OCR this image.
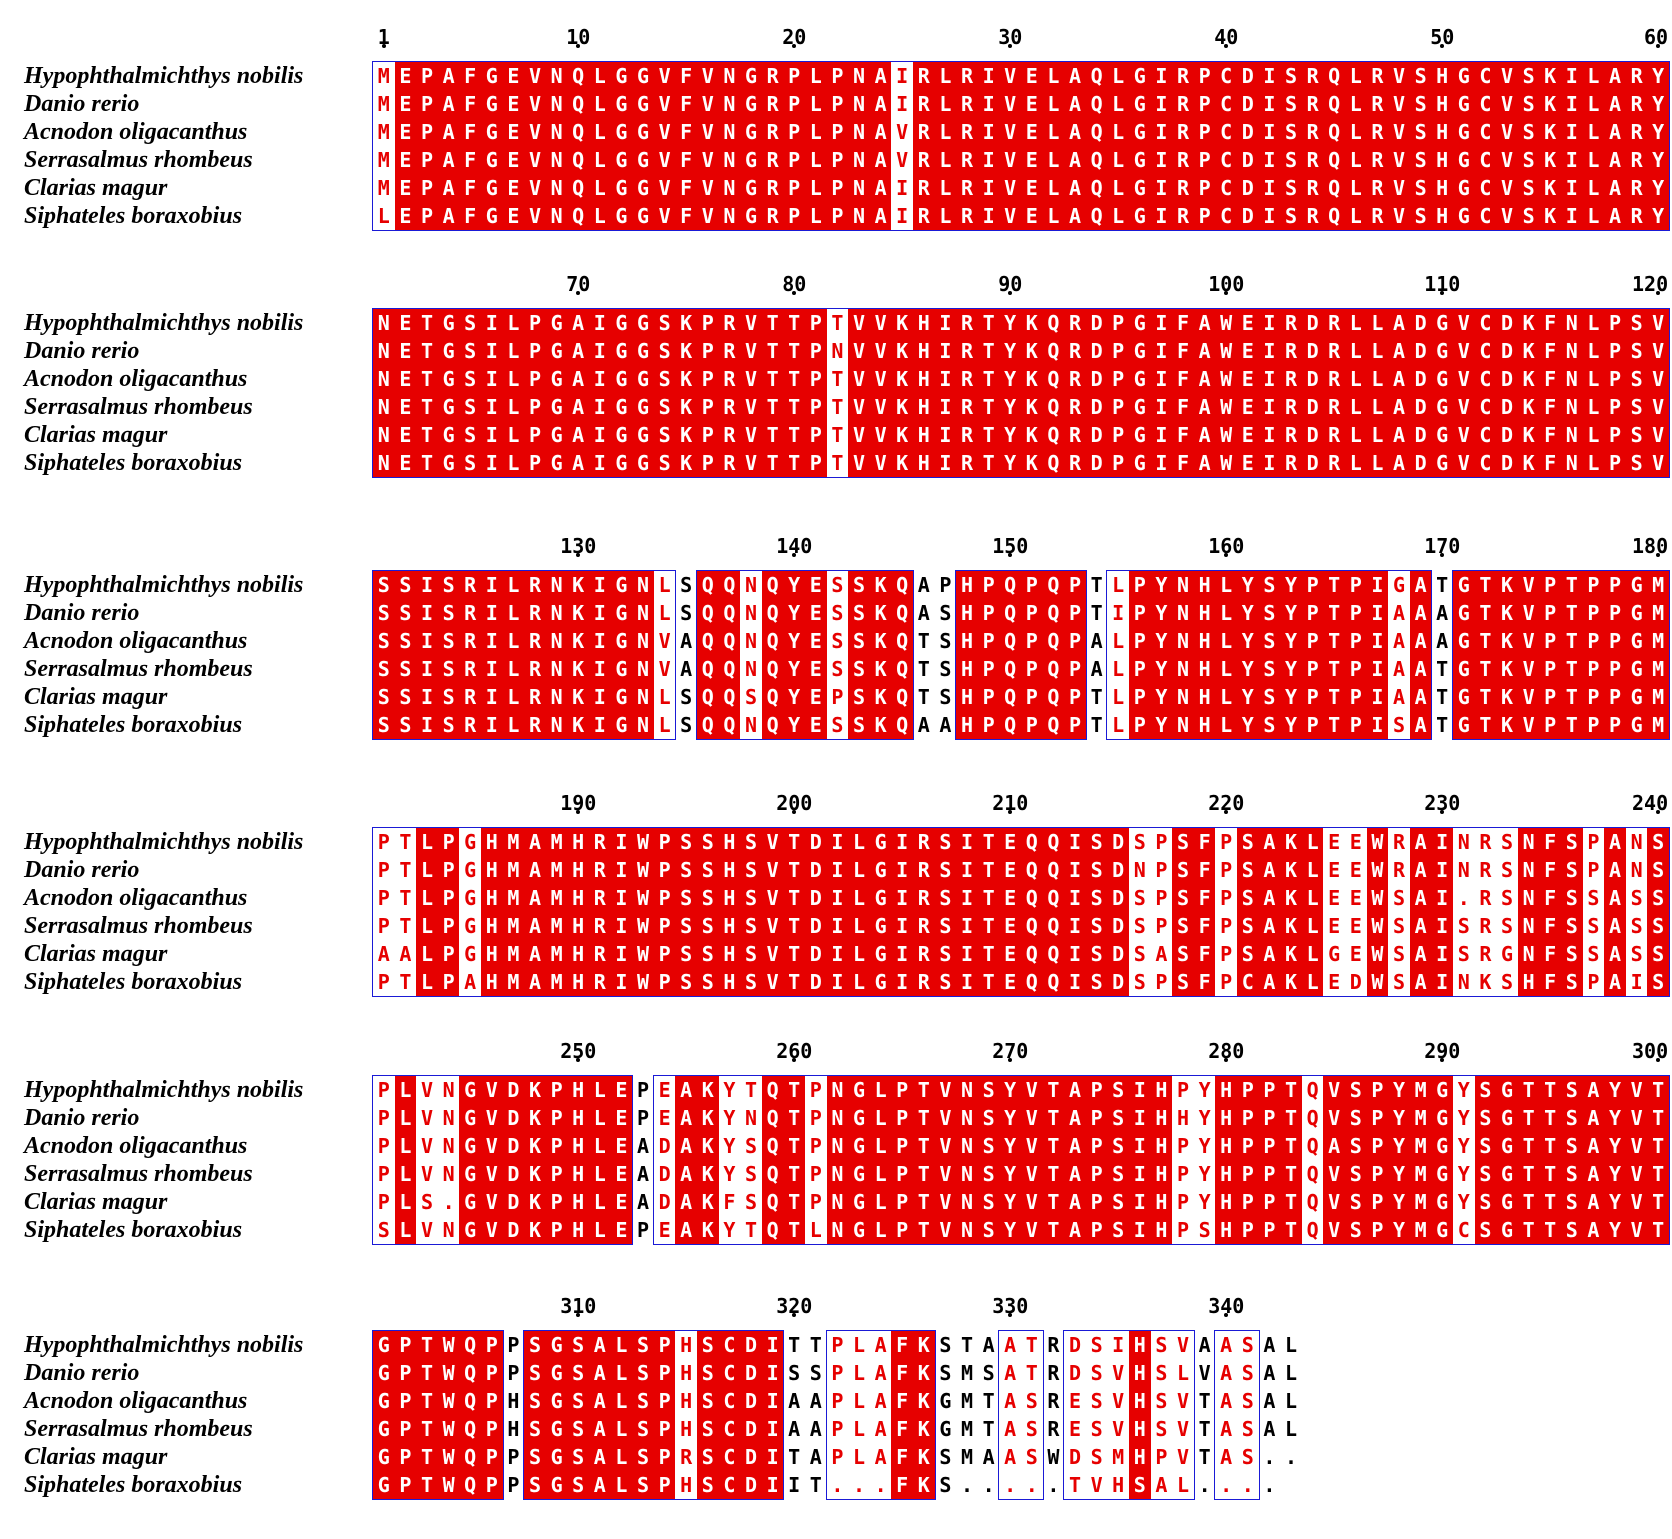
1	10	20	30	40	50	60
Hypophthalmichthys nobilis	M E P A F G E V N Q L G G V F V N G R P L P N A I R L R I V E L A Q L G I R P C D I S R Q L R V S H G C V S K I L A R Y
Danio rerio	M E P A F G E V N Q L G G V F V N G R P L P N A I R L R I V E L A Q L G I R P C D I S R Q L R V S H G C V S K I L A R Y
Acnodon oligacanthus	M E P A F G E V N Q L G G V F V N G R P L P N A V R L R I V E L A Q L G I R P C D I S R Q L R V S H G C V S K I L A R Y
Serrasalmus rhombeus	M E P A F G E V N Q L G G V F V N G R P L P N A V R L R I V E L A Q L G I R P C D I S R Q L R V S H G C V S K I L A R Y
Clarias magur	M E P A F G E V N Q L G G V F V N G R P L P N A I R L R I V E L A Q L G I R P C D I S R Q L R V S H G C V S K I L A R Y
Siphateles boraxobius	L E P A F G E V N Q L G G V F V N G R P L P N A I R L R I V E L A Q L G I R P C D I S R Q L R V S H G C V S K I L A R Y
70	80	90	100	110	120
Hypophthalmichthys nobilis	N E T G S I L P G A I G G S K P R V T T P T V V K H I R T Y K Q R D P G I F A W E I R D R L L A D G V C D K F N L P S V
Danio rerio	N E T G S I L P G A I G G S K P R V T T P N V V K H I R T Y K Q R D P G I F A W E I R D R L L A D G V C D K F N L P S V
Acnodon oligacanthus	N E T G S I L P G A I G G S K P R V T T P T V V K H I R T Y K Q R D P G I F A W E I R D R L L A D G V C D K F N L P S V
Serrasalmus rhombeus	N E T G S I L P G A I G G S K P R V T T P T V V K H I R T Y K Q R D P G I F A W E I R D R L L A D G V C D K F N L P S V
Clarias magur	N E T G S I L P G A I G G S K P R V T T P T V V K H I R T Y K Q R D P G I F A W E I R D R L L A D G V C D K F N L P S V
Siphateles boraxobius	N E T G S I L P G A I G G S K P R V T T P T V V K H I R T Y K Q R D P G I F A W E I R D R L L A D G V C D K F N L P S V
130	140	150	160	170	180
Hypophthalmichthys nobilis	S S I S R I L R N K I G N L S Q Q N Q Y E S S K Q A P H P Q P Q P T L P Y N H L Y S Y P T P I G A T G T K V P T P P G M
Danio rerio	S S I S R I L R N K I G N L S Q Q N Q Y E S S K Q A S H P Q P Q P T I P Y N H L Y S Y P T P I A A A G T K V P T P P G M
Acnodon oligacanthus	S S I S R I L R N K I G N V A Q Q N Q Y E S S K Q T S H P Q P Q P A L P Y N H L Y S Y P T P I A A A G T K V P T P P G M
Serrasalmus rhombeus	S S I S R I L R N K I G N V A Q Q N Q Y E S S K Q T S H P Q P Q P A L P Y N H L Y S Y P T P I A A T G T K V P T P P G M
Clarias magur	S S I S R I L R N K I G N L S Q Q S Q Y E P S K Q T S H P Q P Q P T L P Y N H L Y S Y P T P I A A T G T K V P T P P G M
Siphateles boraxobius	S S I S R I L R N K I G N L S Q Q N Q Y E S S K Q A A H P Q P Q P T L P Y N H L Y S Y P T P I S A T G T K V P T P P G M
190	200	210	220	230	240
Hypophthalmichthys nobilis	P T L P G H M A M H R I W P S S H S V T D I L G I R S I T E Q Q I S D S P S F P S A K L E E W R A I N R S N F S P A N S
Danio rerio	P T L P G H M A M H R I W P S S H S V T D I L G I R S I T E Q Q I S D N P S F P S A K L E E W R A I N R S N F S P A N S
Acnodon oligacanthus	P T L P G H M A M H R I W P S S H S V T D I L G I R S I T E Q Q I S D S P S F P S A K L E E W S A I . R S N F S S A S S
Serrasalmus rhombeus	P T L P G H M A M H R I W P S S H S V T D I L G I R S I T E Q Q I S D S P S F P S A K L E E W S A I S R S N F S S A S S
Clarias magur	A A L P G H M A M H R I W P S S H S V T D I L G I R S I T E Q Q I S D S A S F P S A K L G E W S A I S R G N F S S A S S
Siphateles boraxobius	P T L P A H M A M H R I W P S S H S V T D I L G I R S I T E Q Q I S D S P S F P C A K L E D W S A I N K S H F S P A I S
250	260	270	280	290	300
Hypophthalmichthys nobilis	P L V N G V D K P H L E P E A K Y T Q T P N G L P T V N S Y V T A P S I H P Y H P P T Q V S P Y M G Y S G T T S A Y V T
Danio rerio	P L V N G V D K P H L E P E A K Y N Q T P N G L P T V N S Y V T A P S I H H Y H P P T Q V S P Y M G Y S G T T S A Y V T
Acnodon oligacanthus	P L V N G V D K P H L E A D A K Y S Q T P N G L P T V N S Y V T A P S I H P Y H P P T Q A S P Y M G Y S G T T S A Y V T
Serrasalmus rhombeus	P L V N G V D K P H L E A D A K Y S Q T P N G L P T V N S Y V T A P S I H P Y H P P T Q V S P Y M G Y S G T T S A Y V T
Clarias magur	P L S . G V D K P H L E A D A K F S Q T P N G L P T V N S Y V T A P S I H P Y H P P T Q V S P Y M G Y S G T T S A Y V T
Siphateles boraxobius	S L V N G V D K P H L E P E A K Y T Q T L N G L P T V N S Y V T A P S I H P S H P P T Q V S P Y M G C S G T T S A Y V T
310	320	330	340
Hypophthalmichthys nobilis	G P T W Q P P S G S A L S P H S C D I T T P L A F K S T A A T R D S I H S V A A S A L
Danio rerio	G P T W Q P P S G S A L S P H S C D I S S P L A F K S M S A T R D S V H S L V A S A L
Acnodon oligacanthus	G P T W Q P H S G S A L S P H S C D I A A P L A F K G M T A S R E S V H S V T A S A L
Serrasalmus rhombeus	G P T W Q P H S G S A L S P H S C D I A A P L A F K G M T A S R E S V H S V T A S A L
Clarias magur	G P T W Q P P S G S A L S P R S C D I T A P L A F K S M A A S W D S M H P V T A S . .
Siphateles boraxobius	G P T W Q P P S G S A L S P H S C D I I T . . . F K S . . . . . T V H S A L . . . .
